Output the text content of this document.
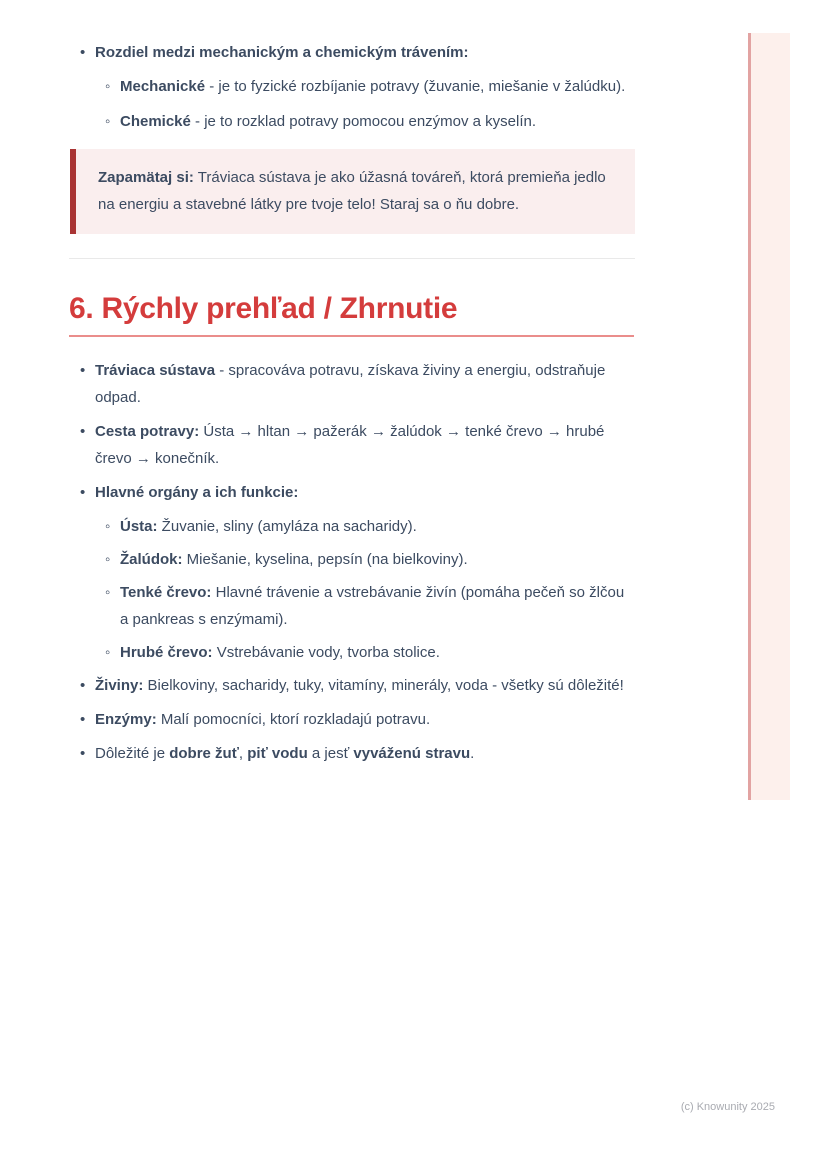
• Rozdiel medzi mechanickým a chemickým trávením:
◦ Mechanické - je to fyzické rozbíjanie potravy (žuvanie, miešanie v žalúdku).
◦ Chemické - je to rozklad potravy pomocou enzýmov a kyselín.

Zapamätaj si: Tráviaca sústava je ako úžasná továreň, ktorá premieňa jedlo na energiu a stavebné látky pre tvoje telo! Staraj sa o ňu dobre.

6. Rýchly prehľad / Zhrnutie
• Tráviaca sústava - spracováva potravu, získava živiny a energiu, odstraňuje odpad.
• Cesta potravy: Ústa → hltan → pažerák → žalúdok → tenké črevo → hrubé črevo → konečník.
• Hlavné orgány a ich funkcie:
◦ Ústa: Žuvanie, sliny (amyláza na sacharidy).
◦ Žalúdok: Miešanie, kyselina, pepsín (na bielkoviny).
◦ Tenké črevo: Hlavné trávenie a vstrebávanie živín (pomáha pečeň so žlčou a pankreas s enzýmami).
◦ Hrubé črevo: Vstrebávanie vody, tvorba stolice.
• Živiny: Bielkoviny, sacharidy, tuky, vitamíny, minerály, voda - všetky sú dôležité!
• Enzýmy: Malí pomocníci, ktorí rozkladajú potravu.
• Dôležité je dobre žuť, piť vodu a jesť vyváženú stravu.
(c) Knowunity 2025
